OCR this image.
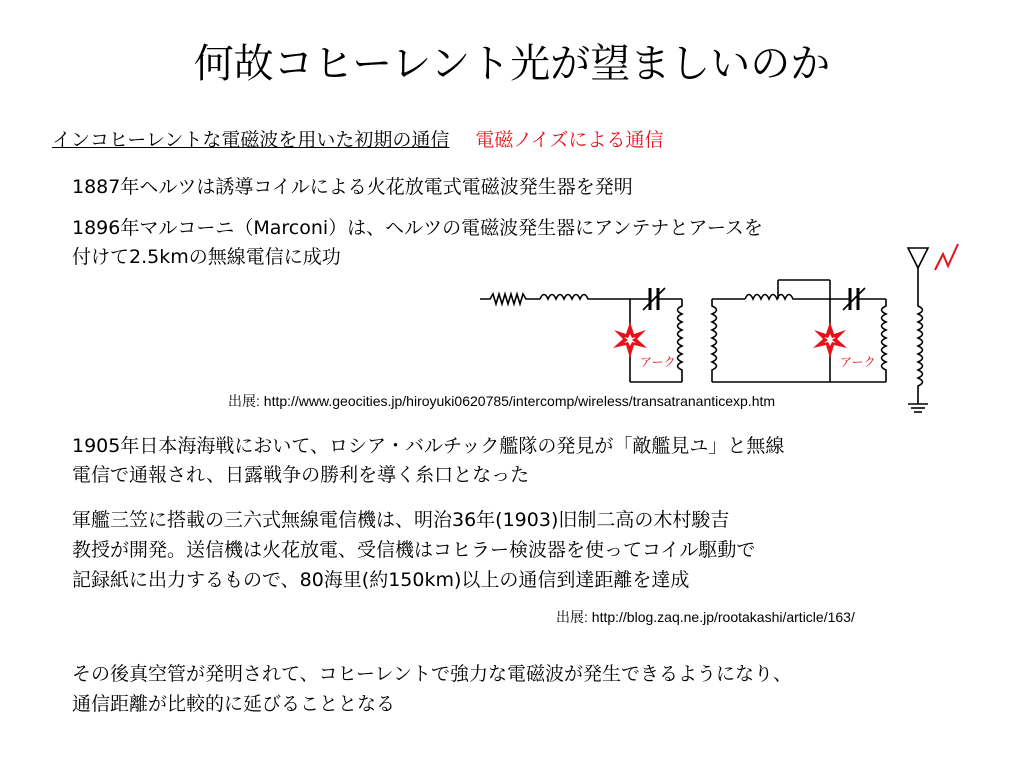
何故コヒーレント光が望ましいのか
インコヒーレントな電磁波を用いた初期の通信 電磁ノイズによる通信
1887年ヘルツは誘導コイルによる火花放電式電磁波発生器を発明
1896年マルコーニ（Marconi）は、ヘルツの電磁波発生器にアンテナとアースを
付けて2.5kmの無線電信に成功
アーク	アーク
出展: http://www.geocities.jp/hiroyuki0620785/intercomp/wireless/transatrananticexp.htm
1905年日本海海戦において、ロシア・バルチック艦隊の発見が「敵艦見ユ」と無線
電信で通報され、日露戦争の勝利を導く糸口となった
軍艦三笠に搭載の三六式無線電信機は、明治36年(1903)旧制二高の木村駿吉
教授が開発。送信機は火花放電、受信機はコヒラー検波器を使ってコイル駆動で
記録紙に出力するもので、80海里(約150km)以上の通信到達距離を達成
出展: http://blog.zaq.ne.jp/rootakashi/article/163/
その後真空管が発明されて、コヒーレントで強力な電磁波が発生できるようになり、
通信距離が比較的に延びることとなる
